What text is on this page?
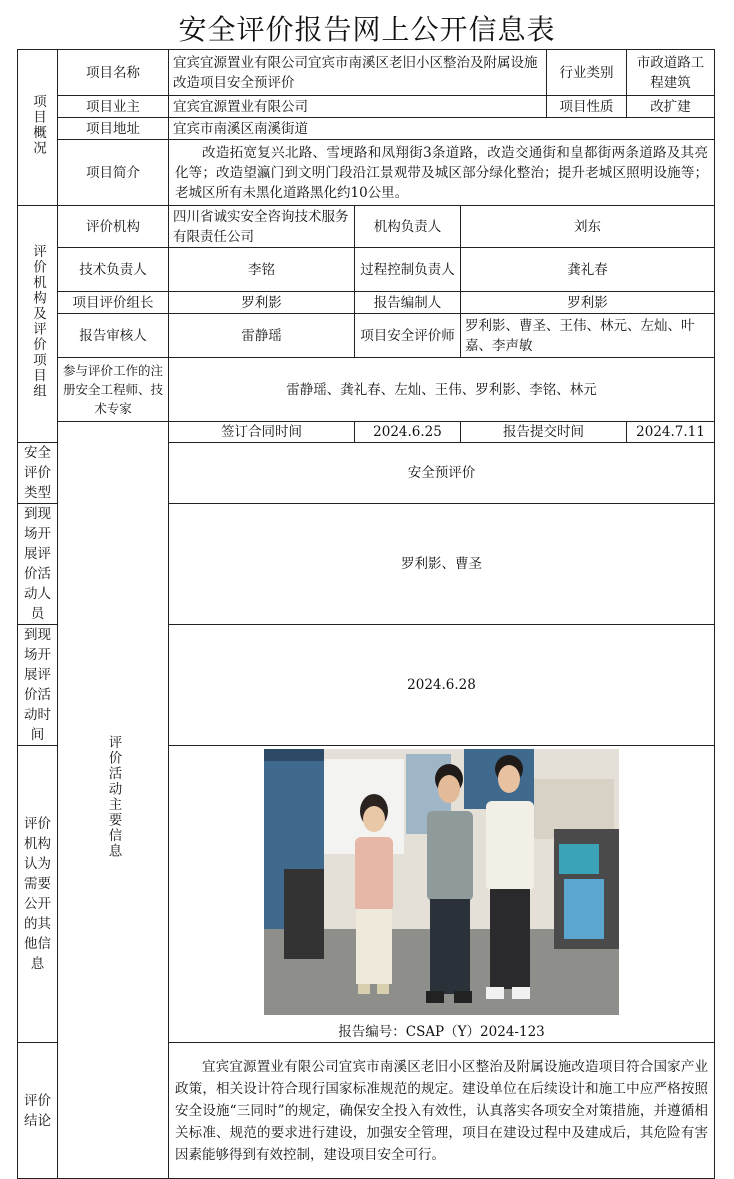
安全评价报告网上公开信息表
项目概况	项目名称	宜宾宜源置业有限公司宜宾市南溪区老旧小区整治及附属设施改造项目安全预评价			行业类别	市政道路工程建筑
	项目业主	宜宾宜源置业有限公司			项目性质	改扩建
	项目地址	宜宾市南溪区南溪街道				
	项目简介	改造拓宽复兴北路、雪埂路和凤翔街3条道路，改造交通街和皇都街两条道路及其亮化等；改造望瀛门到文明门段沿江景观带及城区部分绿化整治；提升老城区照明设施等；老城区所有未黑化道路黑化约10公里。				
评价机构及评价项目组	评价机构	四川省诚实安全咨询技术服务有限责任公司	机构负责人	刘东		
	技术负责人	李铭	过程控制负责人	龚礼春		
	项目评价组长	罗利影	报告编制人	罗利影		
	报告审核人	雷静瑶	项目安全评价师	罗利影、曹圣、王伟、林元、左灿、叶嘉、李声敏		
	参与评价工作的注册安全工程师、技术专家	雷静瑶、龚礼春、左灿、王伟、罗利影、李铭、林元				
	评价活动主要信息	签订合同时间	2024.6.25	报告提交时间		2024.7.11
安全评价类型		安全预评价				
到现场开展评价活动人员		罗利影、曹圣				
到现场开展评价活动时间		2024.6.28				
评价机构认为需要公开的其他信息		报告编号：CSAP（Y）2024-123				

评价结论		宜宾宜源置业有限公司宜宾市南溪区老旧小区整治及附属设施改造项目符合国家产业政策，相关设计符合现行国家标准规范的规定。建设单位在后续设计和施工中应严格按照安全设施“三同时”的规定，确保安全投入有效性，认真落实各项安全对策措施，并遵循相关标准、规范的要求进行建设，加强安全管理，项目在建设过程中及建成后，其危险有害因素能够得到有效控制，建设项目安全可行。				
